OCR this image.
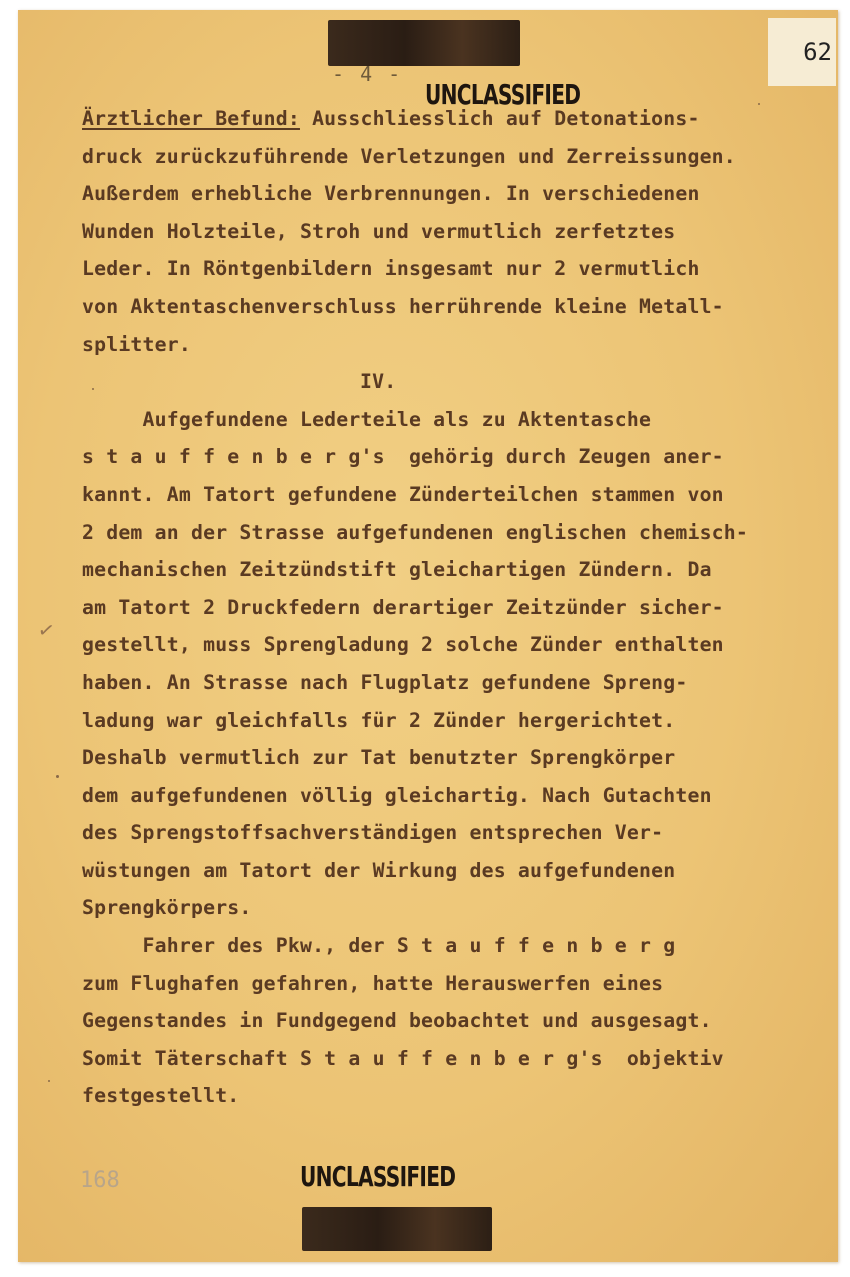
- 4 -
UNCLASSIFIED
62
Ärztlicher Befund: Ausschliesslich auf Detonations-
druck zurückzuführende Verletzungen und Zerreissungen.
Außerdem erhebliche Verbrennungen. In verschiedenen
Wunden Holzteile, Stroh und vermutlich zerfetztes
Leder. In Röntgenbildern insgesamt nur 2 vermutlich
von Aktentaschenverschluss herrührende kleine Metall-
splitter.
IV.
Aufgefundene Lederteile als zu Aktentasche
s t a u f f e n b e r g's  gehörig durch Zeugen aner-
kannt. Am Tatort gefundene Zünderteilchen stammen von
2 dem an der Strasse aufgefundenen englischen chemisch-
mechanischen Zeitzündstift gleichartigen Zündern. Da
am Tatort 2 Druckfedern derartiger Zeitzünder sicher-
gestellt, muss Sprengladung 2 solche Zünder enthalten
haben. An Strasse nach Flugplatz gefundene Spreng-
ladung war gleichfalls für 2 Zünder hergerichtet.
Deshalb vermutlich zur Tat benutzter Sprengkörper
dem aufgefundenen völlig gleichartig. Nach Gutachten
des Sprengstoffsachverständigen entsprechen Ver-
wüstungen am Tatort der Wirkung des aufgefundenen
Sprengkörpers.
Fahrer des Pkw., der S t a u f f e n b e r g
zum Flughafen gefahren, hatte Herauswerfen eines
Gegenstandes in Fundgegend beobachtet und ausgesagt.
Somit Täterschaft S t a u f f e n b e r g's  objektiv
festgestellt.
✓
168	UNCLASSIFIED
